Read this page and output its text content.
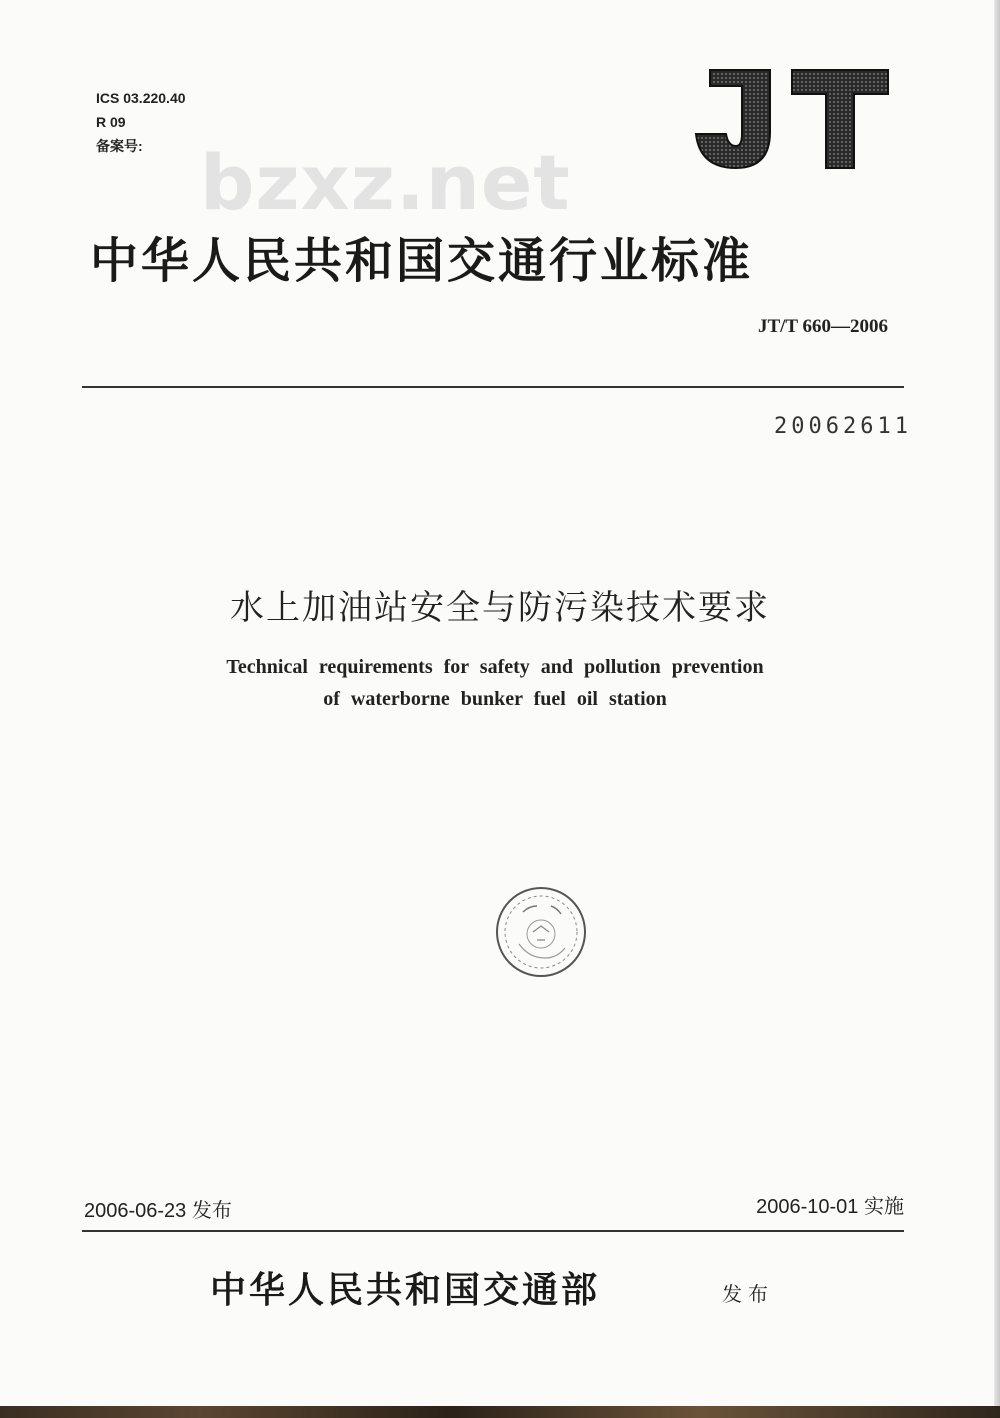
ICS 03.220.40
R 09
备案号: bzxz.net
中华人民共和国交通行业标准
JT/T 660—2006
20062611
水上加油站安全与防污染技术要求
Technical requirements for safety and pollution prevention
of waterborne bunker fuel oil station
2006-06-23 发布	2006-10-01 实施
中华人民共和国交通部	发布
